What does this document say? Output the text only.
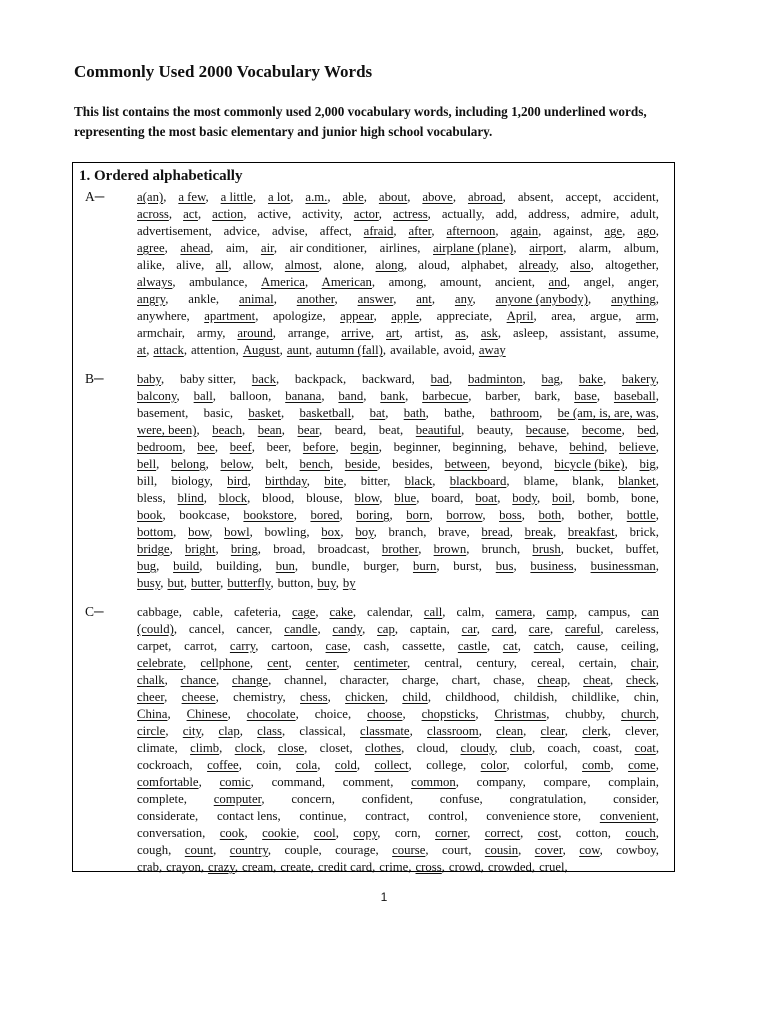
Commonly Used 2000 Vocabulary Words

This list contains the most commonly used 2,000 vocabulary words, including 1,200 underlined words, representing the most basic elementary and junior high school vocabulary.

1. Ordered alphabetically
A─	a(an), a few, a little, a lot, a.m., able, about, above, abroad, absent, accept, accident,
across, act, action, active, activity, actor, actress, actually, add, address, admire, adult,
advertisement, advice, advise, affect, afraid, after, afternoon, again, against, age, ago,
agree, ahead, aim, air, air conditioner, airlines, airplane (plane), airport, alarm, album,
alike, alive, all, allow, almost, alone, along, aloud, alphabet, already, also, altogether,
always, ambulance, America, American, among, amount, ancient, and, angel, anger,
angry, ankle, animal, another, answer, ant, any, anyone (anybody), anything,
anywhere, apartment, apologize, appear, apple, appreciate, April, area, argue, arm,
armchair, army, around, arrange, arrive, art, artist, as, ask, asleep, assistant, assume,
at, attack, attention, August, aunt, autumn (fall), available, avoid, away
B─	baby, baby sitter, back, backpack, backward, bad, badminton, bag, bake, bakery,
balcony, ball, balloon, banana, band, bank, barbecue, barber, bark, base, baseball,
basement, basic, basket, basketball, bat, bath, bathe, bathroom, be (am, is, are, was,
were, been), beach, bean, bear, beard, beat, beautiful, beauty, because, become, bed,
bedroom, bee, beef, beer, before, begin, beginner, beginning, behave, behind, believe,
bell, belong, below, belt, bench, beside, besides, between, beyond, bicycle (bike), big,
bill, biology, bird, birthday, bite, bitter, black, blackboard, blame, blank, blanket,
bless, blind, block, blood, blouse, blow, blue, board, boat, body, boil, bomb, bone,
book, bookcase, bookstore, bored, boring, born, borrow, boss, both, bother, bottle,
bottom, bow, bowl, bowling, box, boy, branch, brave, bread, break, breakfast, brick,
bridge, bright, bring, broad, broadcast, brother, brown, brunch, brush, bucket, buffet,
bug, build, building, bun, bundle, burger, burn, burst, bus, business, businessman,
busy, but, butter, butterfly, button, buy, by
C─	cabbage, cable, cafeteria, cage, cake, calendar, call, calm, camera, camp, campus, can
(could), cancel, cancer, candle, candy, cap, captain, car, card, care, careful, careless,
carpet, carrot, carry, cartoon, case, cash, cassette, castle, cat, catch, cause, ceiling,
celebrate, cellphone, cent, center, centimeter, central, century, cereal, certain, chair,
chalk, chance, change, channel, character, charge, chart, chase, cheap, cheat, check,
cheer, cheese, chemistry, chess, chicken, child, childhood, childish, childlike, chin,
China, Chinese, chocolate, choice, choose, chopsticks, Christmas, chubby, church,
circle, city, clap, class, classical, classmate, classroom, clean, clear, clerk, clever,
climate, climb, clock, close, closet, clothes, cloud, cloudy, club, coach, coast, coat,
cockroach, coffee, coin, cola, cold, collect, college, color, colorful, comb, come,
comfortable, comic, command, comment, common, company, compare, complain,
complete, computer, concern, confident, confuse, congratulation, consider,
considerate, contact lens, continue, contract, control, convenience store, convenient,
conversation, cook, cookie, cool, copy, corn, corner, correct, cost, cotton, couch,
cough, count, country, couple, courage, course, court, cousin, cover, cow, cowboy,
crab, crayon, crazy, cream, create, credit card, crime, cross, crowd, crowded, cruel,
1
